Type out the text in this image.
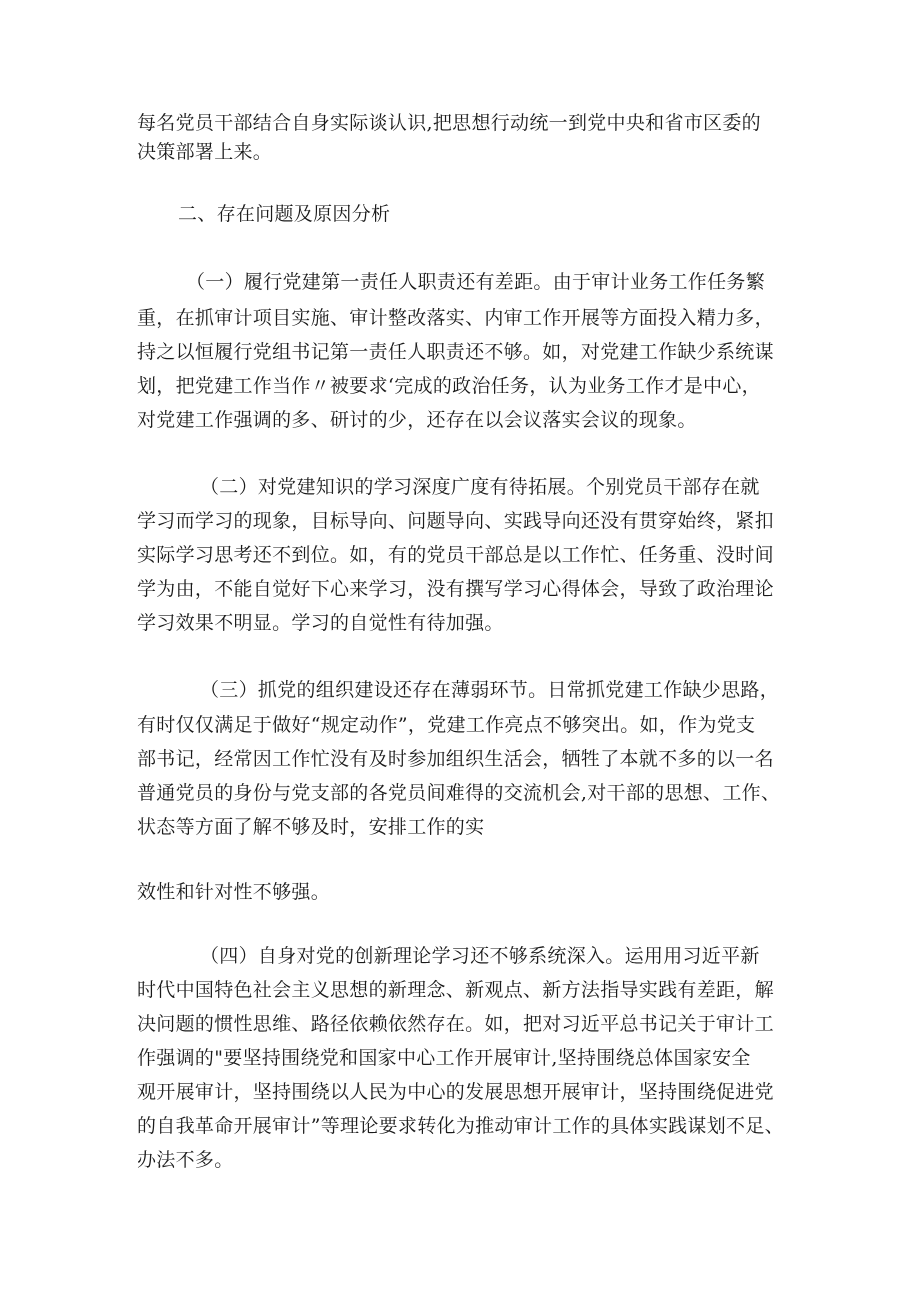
每名党员干部结合自身实际谈认识,把思想行动统一到党中央和省市区委的
决策部署上来。
二、存在问题及原因分析
（一）履行党建第一责任人职责还有差距。由于审计业务工作任务繁
重，在抓审计项目实施、审计整改落实、内审工作开展等方面投入精力多，
持之以恒履行党组书记第一责任人职责还不够。如，对党建工作缺少系统谋
划，把党建工作当作〃被要求‘完成的政治任务，认为业务工作才是中心，
对党建工作强调的多、研讨的少，还存在以会议落实会议的现象。
（二）对党建知识的学习深度广度有待拓展。个别党员干部存在就
学习而学习的现象，目标导向、问题导向、实践导向还没有贯穿始终，紧扣
实际学习思考还不到位。如，有的党员干部总是以工作忙、任务重、没时间
学为由，不能自觉好下心来学习，没有撰写学习心得体会，导致了政治理论
学习效果不明显。学习的自觉性有待加强。
（三）抓党的组织建设还存在薄弱环节。日常抓党建工作缺少思路，
有时仅仅满足于做好“规定动作”，党建工作亮点不够突出。如，作为党支
部书记，经常因工作忙没有及时参加组织生活会，牺牲了本就不多的以一名
普通党员的身份与党支部的各党员间难得的交流机会,对干部的思想、工作、
状态等方面了解不够及时，安排工作的实
效性和针对性不够强。
（四）自身对党的创新理论学习还不够系统深入。运用用习近平新
时代中国特色社会主义思想的新理念、新观点、新方法指导实践有差距，解
决问题的惯性思维、路径依赖依然存在。如，把对习近平总书记关于审计工
作强调的"要坚持围绕党和国家中心工作开展审计,坚持围绕总体国家安全
观开展审计，坚持围绕以人民为中心的发展思想开展审计，坚持围绕促进党
的自我革命开展审计”等理论要求转化为推动审计工作的具体实践谋划不足、
办法不多。
